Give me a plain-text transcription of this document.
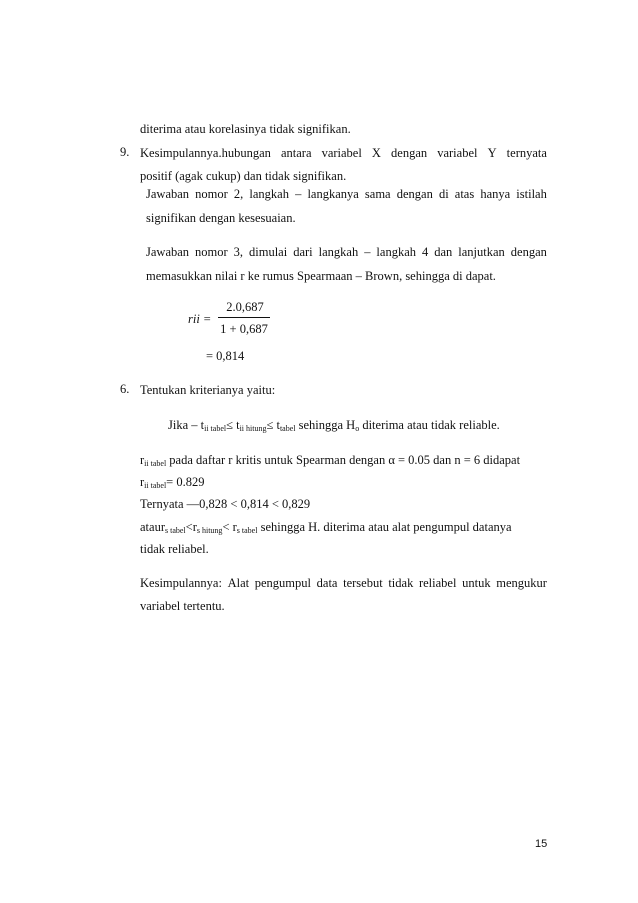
diterima atau korelasinya tidak signifikan.
9. Kesimpulannya.hubungan antara variabel X dengan variabel Y ternyata
positif (agak cukup) dan tidak signifikan.
Jawaban nomor 2, langkah – langkanya sama dengan di atas hanya istilah
signifikan dengan kesesuaian.
Jawaban nomor 3, dimulai dari langkah – langkah 4 dan lanjutkan dengan
memasukkan nilai r ke rumus Spearmaan – Brown, sehingga di dapat.
rii =
2.0,687
1 + 0,687
= 0,814
6. Tentukan kriterianya yaitu:
Jika – $t_{ii tabel}\le t_{ii hitung}\le t_{tabel}$ sehingga $H_o$ diterima atau tidak reliable.
$r_{ii tabel}$ pada daftar r kritis untuk Spearman dengan α = 0.05 dan n = 6 didapat
$r_{ii tabel}= 0.829$
Ternyata —0,828 < 0,814 < 0,829
$ataur_{s tabel}<r_{s hitung}< r_{s tabel}$ sehingga H. diterima atau alat pengumpul datanya
tidak reliabel.
Kesimpulannya: Alat pengumpul data tersebut tidak reliabel untuk mengukur
variabel tertentu.
15
